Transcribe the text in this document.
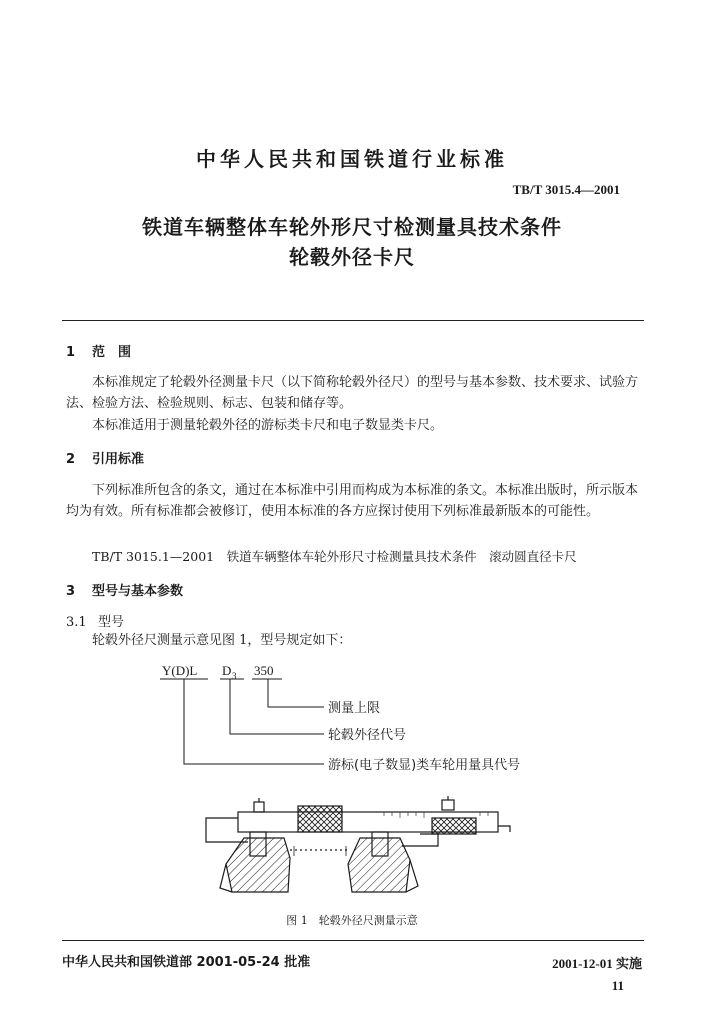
中华人民共和国铁道行业标准
TB/T 3015.4—2001
铁道车辆整体车轮外形尺寸检测量具技术条件
轮毂外径卡尺
1 范　围
本标准规定了轮毂外径测量卡尺（以下简称轮毂外径尺）的型号与基本参数、技术要求、试验方法、检验方法、检验规则、标志、包装和储存等。
本标准适用于测量轮毂外径的游标类卡尺和电子数显类卡尺。
2 引用标准
下列标准所包含的条文，通过在本标准中引用而构成为本标准的条文。本标准出版时，所示版本均为有效。所有标准都会被修订，使用本标准的各方应探讨使用下列标准最新版本的可能性。
TB/T 3015.1—2001　铁道车辆整体车轮外形尺寸检测量具技术条件　滚动圆直径卡尺
3 型号与基本参数
3.1 型号
轮毂外径尺测量示意见图 1，型号规定如下：
Y(D)L D 3 350
测量上限
轮毂外径代号
游标(电子数显)类车轮用量具代号
图 1　轮毂外径尺测量示意
中华人民共和国铁道部 2001-05-24 批准	2001-12-01 实施
11
